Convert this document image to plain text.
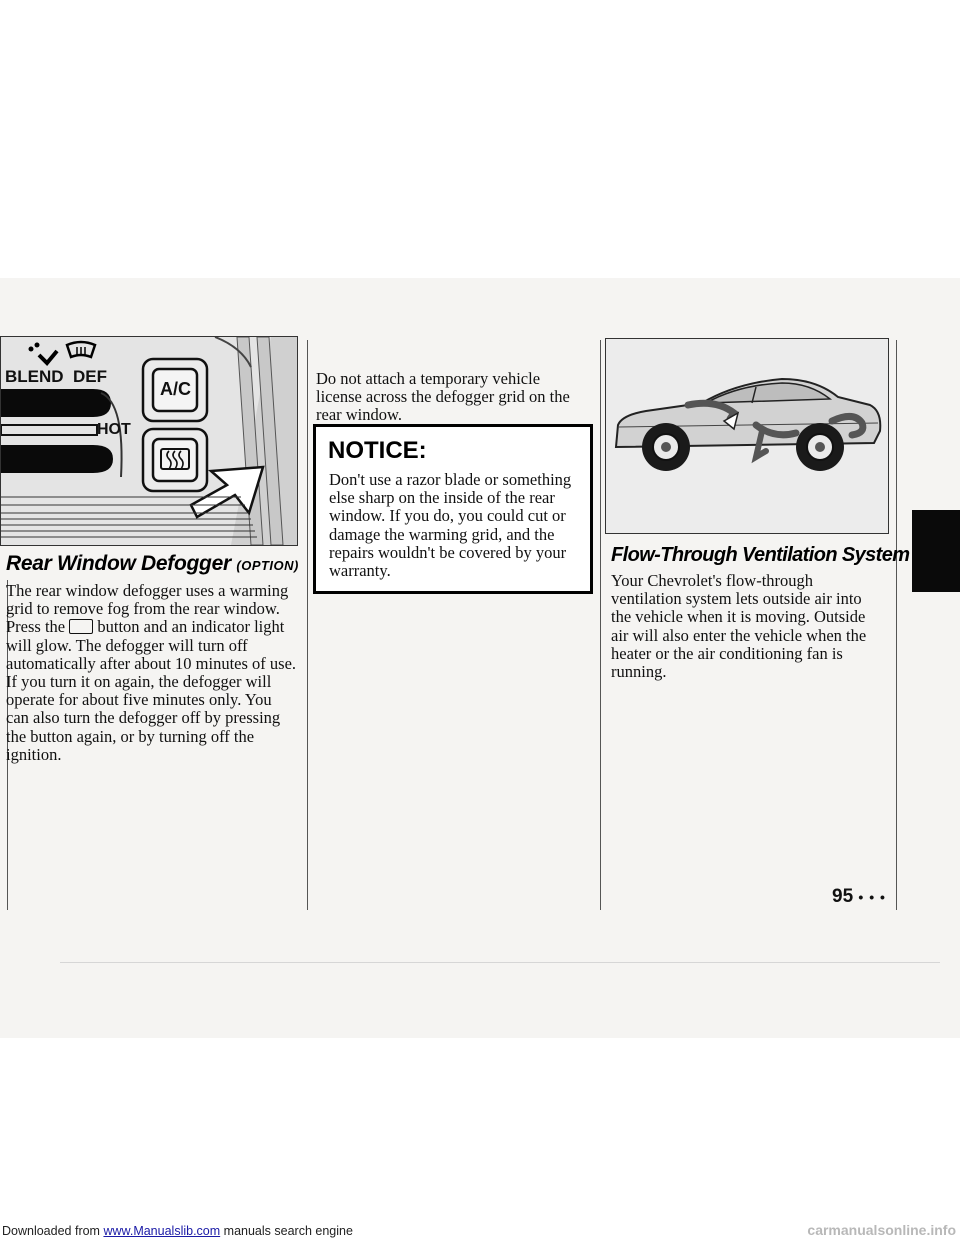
BLEND DEF
A/C
HOT
Rear Window Defogger (OPTION)

The rear window defogger uses a warming grid to remove fog from the rear window. Press the button and an indicator light will glow. The defogger will turn off automatically after about 10 minutes of use. If you turn it on again, the defogger will operate for about five minutes only. You can also turn the defogger off by pressing the button again, or by turning off the ignition.

Do not attach a temporary vehicle license across the defogger grid on the rear window.

NOTICE:

Don't use a razor blade or something else sharp on the inside of the rear window. If you do, you could cut or damage the warming grid, and the repairs wouldn't be covered by your warranty.

Flow-Through Ventilation System

Your Chevrolet's flow-through ventilation system lets outside air into the vehicle when it is moving. Outside air will also enter the vehicle when the heater or the air conditioning fan is running.

95 • • •
Downloaded from www.Manualslib.com manuals search engine	carmanualsonline.info
